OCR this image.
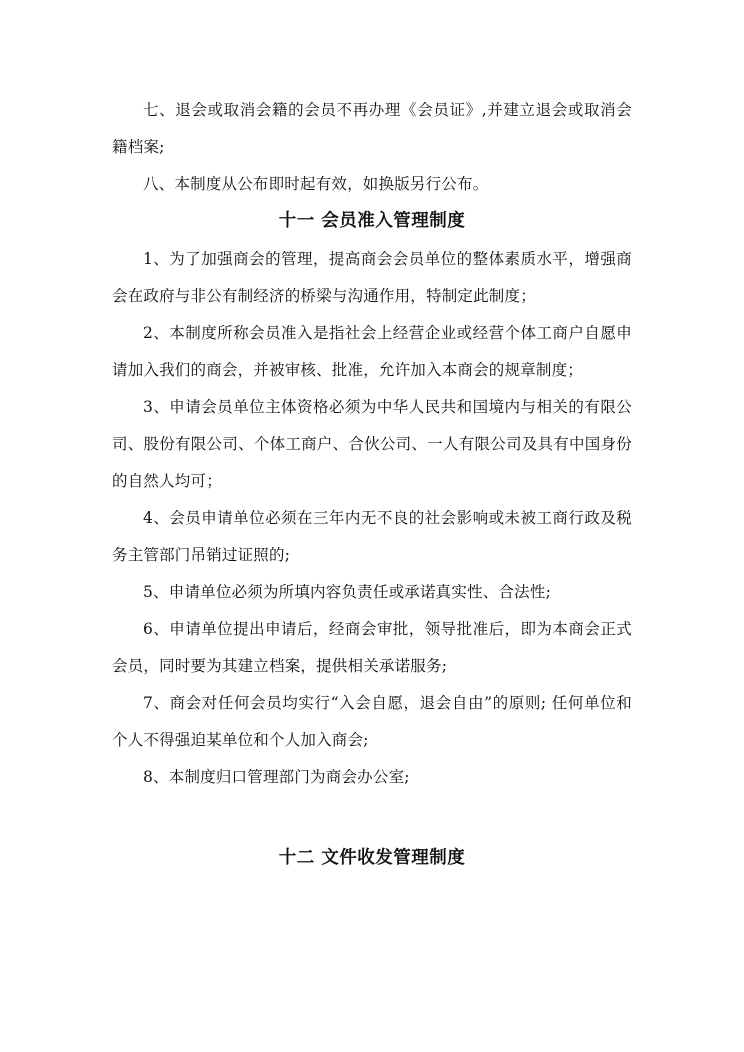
七、退会或取消会籍的会员不再办理《会员证》,并建立退会或取消会籍档案;

八、本制度从公布即时起有效，如换版另行公布。

十一 会员准入管理制度

1、为了加强商会的管理，提高商会会员单位的整体素质水平，增强商会在政府与非公有制经济的桥梁与沟通作用，特制定此制度；

2、本制度所称会员准入是指社会上经营企业或经营个体工商户自愿申请加入我们的商会，并被审核、批准，允许加入本商会的规章制度；

3、申请会员单位主体资格必须为中华人民共和国境内与相关的有限公司、股份有限公司、个体工商户、合伙公司、一人有限公司及具有中国身份的自然人均可；

4、会员申请单位必须在三年内无不良的社会影响或未被工商行政及税务主管部门吊销过证照的;

5、申请单位必须为所填内容负责任或承诺真实性、合法性;

6、申请单位提出申请后，经商会审批，领导批准后，即为本商会正式会员，同时要为其建立档案，提供相关承诺服务;

7、商会对任何会员均实行“入会自愿，退会自由”的原则; 任何单位和个人不得强迫某单位和个人加入商会;

8、本制度归口管理部门为商会办公室;

十二 文件收发管理制度
